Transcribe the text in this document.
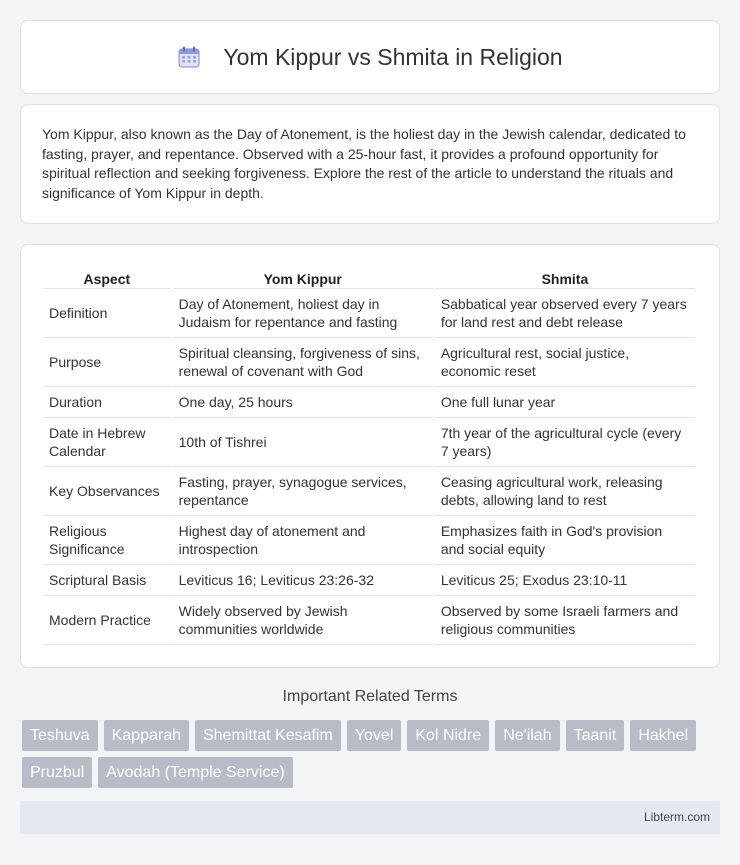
Yom Kippur vs Shmita in Religion

Yom Kippur, also known as the Day of Atonement, is the holiest day in the Jewish calendar, dedicated to fasting, prayer, and repentance. Observed with a 25-hour fast, it provides a profound opportunity for spiritual reflection and seeking forgiveness. Explore the rest of the article to understand the rituals and significance of Yom Kippur in depth.

Aspect	Yom Kippur	Shmita
Definition	Day of Atonement, holiest day in Judaism for repentance and fasting	Sabbatical year observed every 7 years for land rest and debt release
Purpose	Spiritual cleansing, forgiveness of sins, renewal of covenant with God	Agricultural rest, social justice, economic reset
Duration	One day, 25 hours	One full lunar year
Date in Hebrew Calendar	10th of Tishrei	7th year of the agricultural cycle (every 7 years)
Key Observances	Fasting, prayer, synagogue services, repentance	Ceasing agricultural work, releasing debts, allowing land to rest
Religious Significance	Highest day of atonement and introspection	Emphasizes faith in God's provision and social equity
Scriptural Basis	Leviticus 16; Leviticus 23:26-32	Leviticus 25; Exodus 23:10-11
Modern Practice	Widely observed by Jewish communities worldwide	Observed by some Israeli farmers and religious communities
Important Related Terms
Teshuva	Kapparah	Shemittat Kesafim	Yovel	Kol Nidre	Ne'ilah	Taanit	Hakhel
Pruzbul	Avodah (Temple Service)
Libterm.com
